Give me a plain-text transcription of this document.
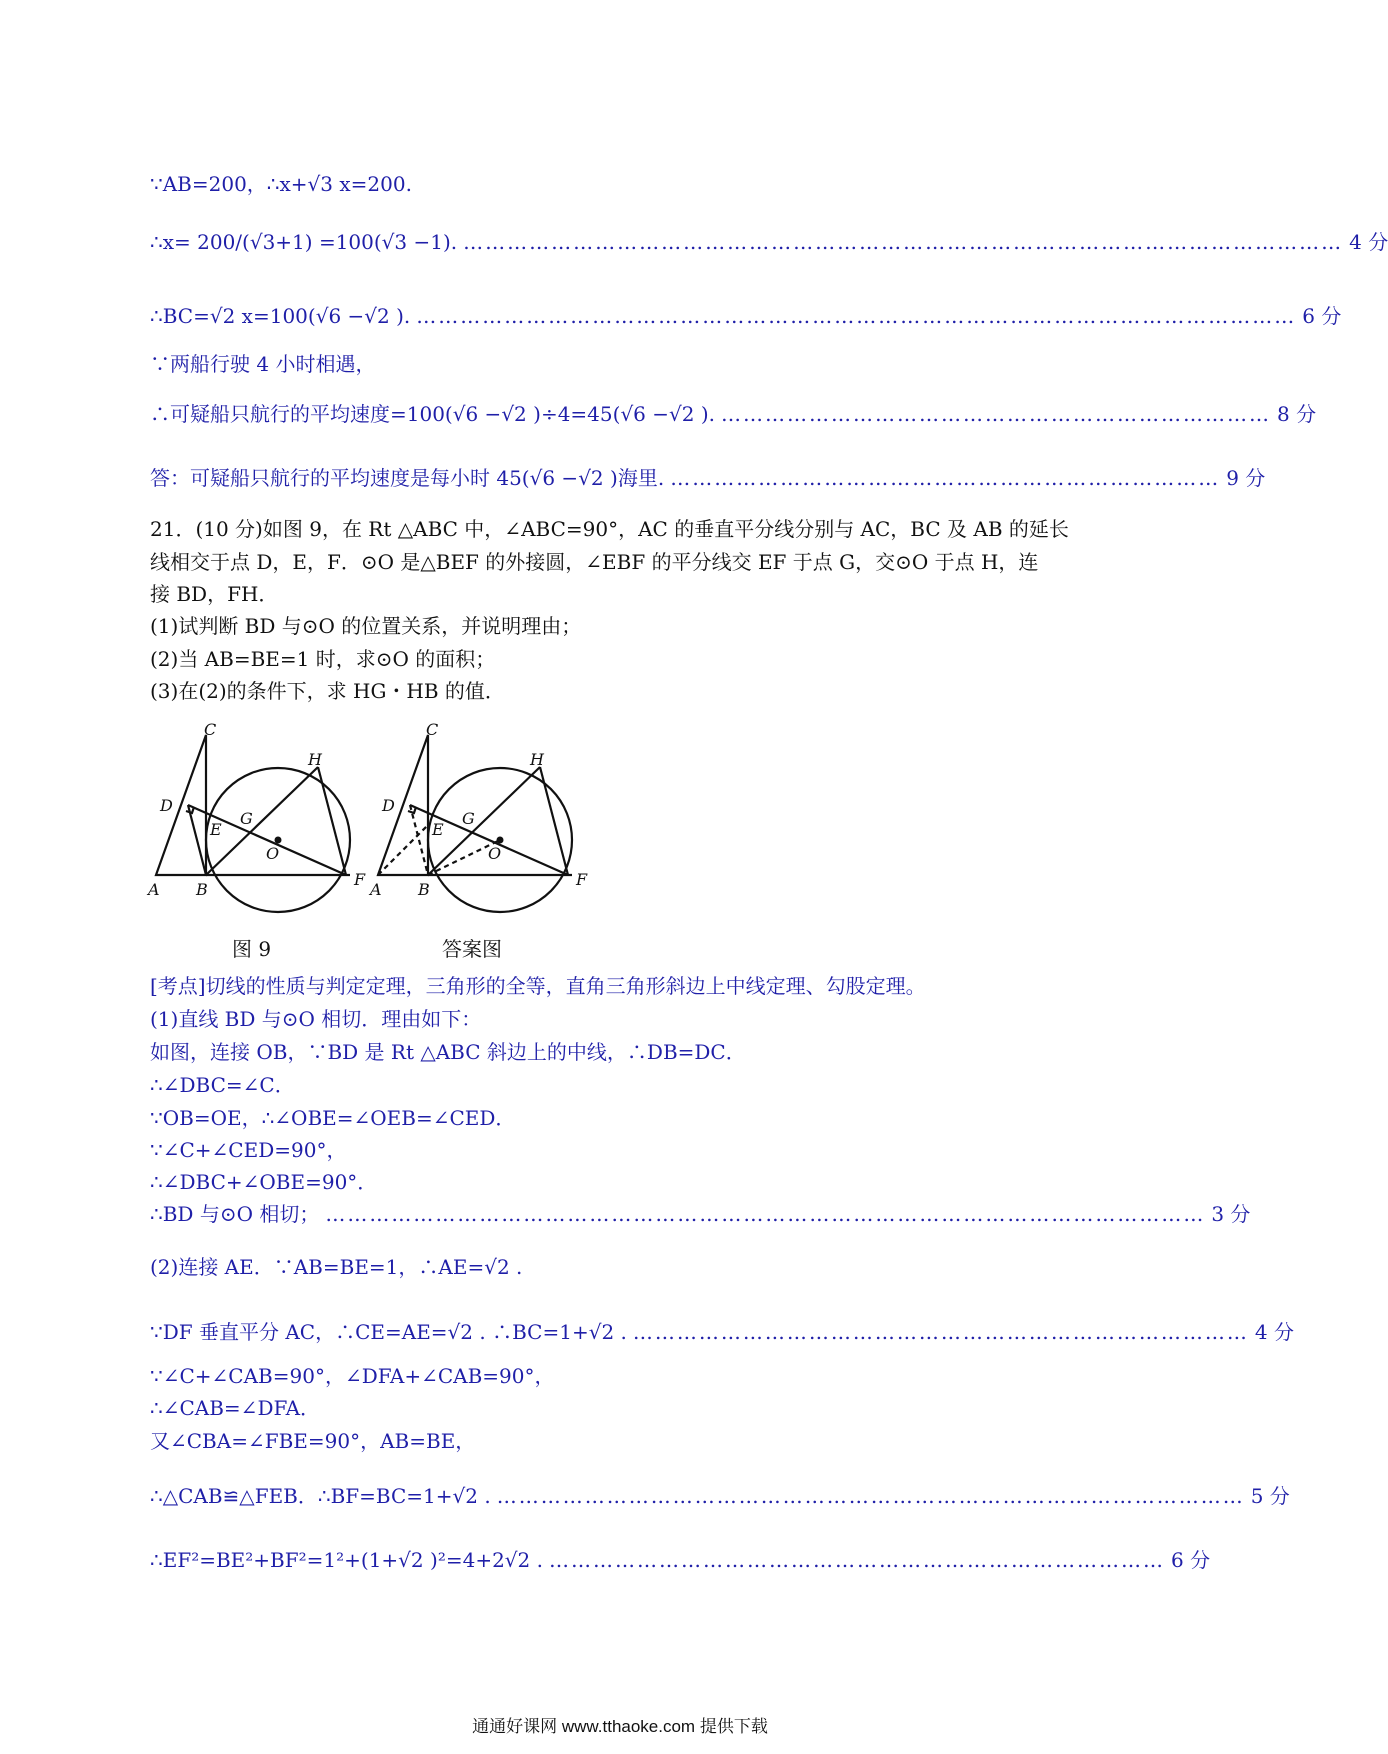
∵AB=200，∴x+√3 x=200.
∴x= 200/(√3+1) =100(√3 −1). ………………………………………………………………………………………………………… 4 分
∴BC=√2 x=100(√6 −√2 ). ………………………………………………………………………………………………………… 6 分
∵两船行驶 4 小时相遇，
∴可疑船只航行的平均速度=100(√6 −√2 )÷4=45(√6 −√2 ). ………………………………………………………………… 8 分
答：可疑船只航行的平均速度是每小时 45(√6 −√2 )海里. ………………………………………………………………… 9 分
21．(10 分)如图 9，在 Rt △ABC 中，∠ABC=90°，AC 的垂直平分线分别与 AC，BC 及 AB 的延长
线相交于点 D，E，F．⊙O 是△BEF 的外接圆，∠EBF 的平分线交 EF 于点 G，交⊙O 于点 H，连
接 BD，FH．
(1)试判断 BD 与⊙O 的位置关系，并说明理由；
(2)当 AB=BE=1 时，求⊙O 的面积；
(3)在(2)的条件下，求 HG・HB 的值．
C
H
D
G
E
O
A B
F
图 9
C
H
D
G
E
O
A B
F
答案图
[考点]切线的性质与判定定理，三角形的全等，直角三角形斜边上中线定理、勾股定理。
(1)直线 BD 与⊙O 相切．理由如下：
如图，连接 OB，∵BD 是 Rt △ABC 斜边上的中线，∴DB=DC．
∴∠DBC=∠C．
∵OB=OE，∴∠OBE=∠OEB=∠CED．
∵∠C+∠CED=90°，
∴∠DBC+∠OBE=90°．
∴BD 与⊙O 相切； ………………………………………………………………………………………………………… 3 分
(2)连接 AE．∵AB=BE=1，∴AE=√2 .
∵DF 垂直平分 AC，∴CE=AE=√2 . ∴BC=1+√2 . ………………………………………………………………………… 4 分
∵∠C+∠CAB=90°，∠DFA+∠CAB=90°，
∴∠CAB=∠DFA．
又∠CBA=∠FBE=90°，AB=BE，
∴△CAB≌△FEB．∴BF=BC=1+√2 . ………………………………………………………………………………………… 5 分
∴EF²=BE²+BF²=1²+(1+√2 )²=4+2√2 . ………………………………………………………………………… 6 分
通通好课网 www.tthaoke.com 提供下载
